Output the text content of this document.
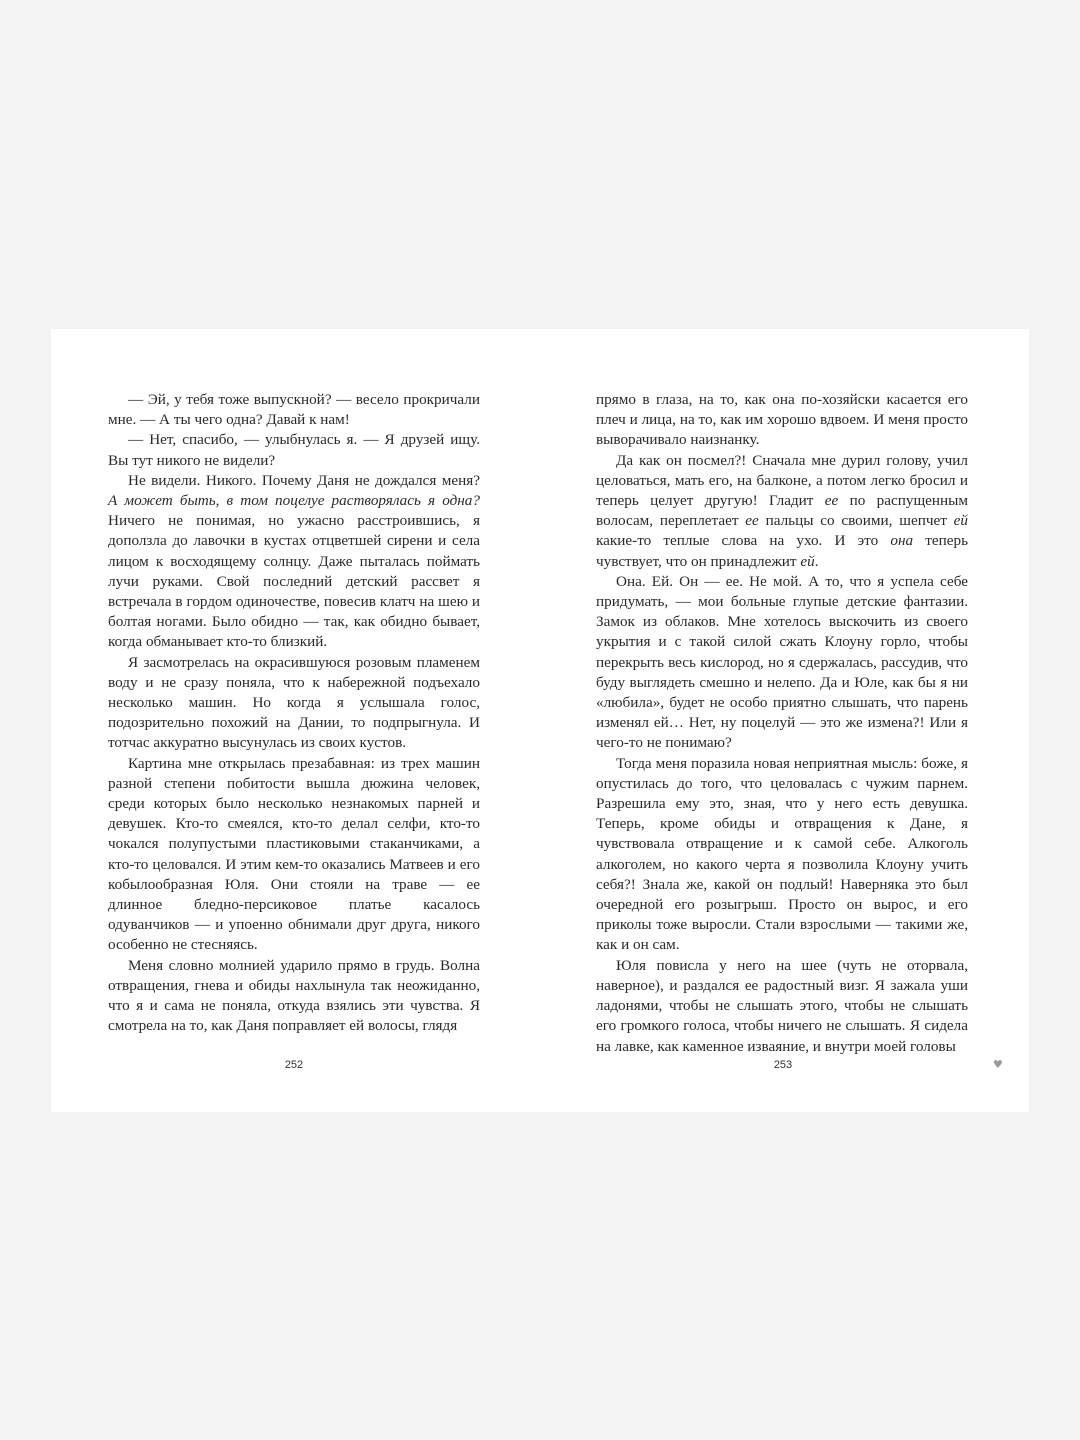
— Эй, у тебя тоже выпускной? — весело прокричали мне. — А ты чего одна? Давай к нам!

— Нет, спасибо, — улыбнулась я. — Я друзей ищу. Вы тут никого не видели?

Не видели. Никого. Почему Даня не дождался меня? А может быть, в том поцелуе растворялась я одна? Ничего не понимая, но ужасно расстроившись, я доползла до лавочки в кустах отцветшей сирени и села лицом к восходящему солнцу. Даже пыталась поймать лучи руками. Свой последний детский рассвет я встречала в гордом одиночестве, повесив клатч на шею и болтая ногами. Было обидно — так, как обидно бывает, когда обманывает кто-то близкий.

Я засмотрелась на окрасившуюся розовым пламенем воду и не сразу поняла, что к набережной подъехало несколько машин. Но когда я услышала голос, подозрительно похожий на Дании, то подпрыгнула. И тотчас аккуратно высунулась из своих кустов.

Картина мне открылась презабавная: из трех машин разной степени побитости вышла дюжина человек, среди которых было несколько незнакомых парней и девушек. Кто-то смеялся, кто-то делал селфи, кто-то чокался полупустыми пластиковыми стаканчиками, а кто-то целовался. И этим кем-то оказались Матвеев и его кобылообразная Юля. Они стояли на траве — ее длинное бледно-персиковое платье касалось одуванчиков — и упоенно обнимали друг друга, никого особенно не стесняясь.

Меня словно молнией ударило прямо в грудь. Волна отвращения, гнева и обиды нахлынула так неожиданно, что я и сама не поняла, откуда взялись эти чувства. Я смотрела на то, как Даня поправляет ей волосы, глядя

прямо в глаза, на то, как она по-хозяйски касается его плеч и лица, на то, как им хорошо вдвоем. И меня просто выворачивало наизнанку.

Да как он посмел?! Сначала мне дурил голову, учил целоваться, мать его, на балконе, а потом легко бросил и теперь целует другую! Гладит ее по распущенным волосам, переплетает ее пальцы со своими, шепчет ей какие-то теплые слова на ухо. И это она теперь чувствует, что он принадлежит ей.

Она. Ей. Он — ее. Не мой. А то, что я успела себе придумать, — мои больные глупые детские фантазии. Замок из облаков. Мне хотелось выскочить из своего укрытия и с такой силой сжать Клоуну горло, чтобы перекрыть весь кислород, но я сдержалась, рассудив, что буду выглядеть смешно и нелепо. Да и Юле, как бы я ни «любила», будет не особо приятно слышать, что парень изменял ей… Нет, ну поцелуй — это же измена?! Или я чего-то не понимаю?

Тогда меня поразила новая неприятная мысль: боже, я опустилась до того, что целовалась с чужим парнем. Разрешила ему это, зная, что у него есть девушка. Теперь, кроме обиды и отвращения к Дане, я чувствовала отвращение и к самой себе. Алкоголь алкоголем, но какого черта я позволила Клоуну учить себя?! Знала же, какой он подлый! Наверняка это был очередной его розыгрыш. Просто он вырос, и его приколы тоже выросли. Стали взрослыми — такими же, как и он сам.

Юля повисла у него на шее (чуть не оторвала, наверное), и раздался ее радостный визг. Я зажала уши ладонями, чтобы не слышать этого, чтобы не слышать его громкого голоса, чтобы ничего не слышать. Я сидела на лавке, как каменное изваяние, и внутри моей головы

252	253	♥
